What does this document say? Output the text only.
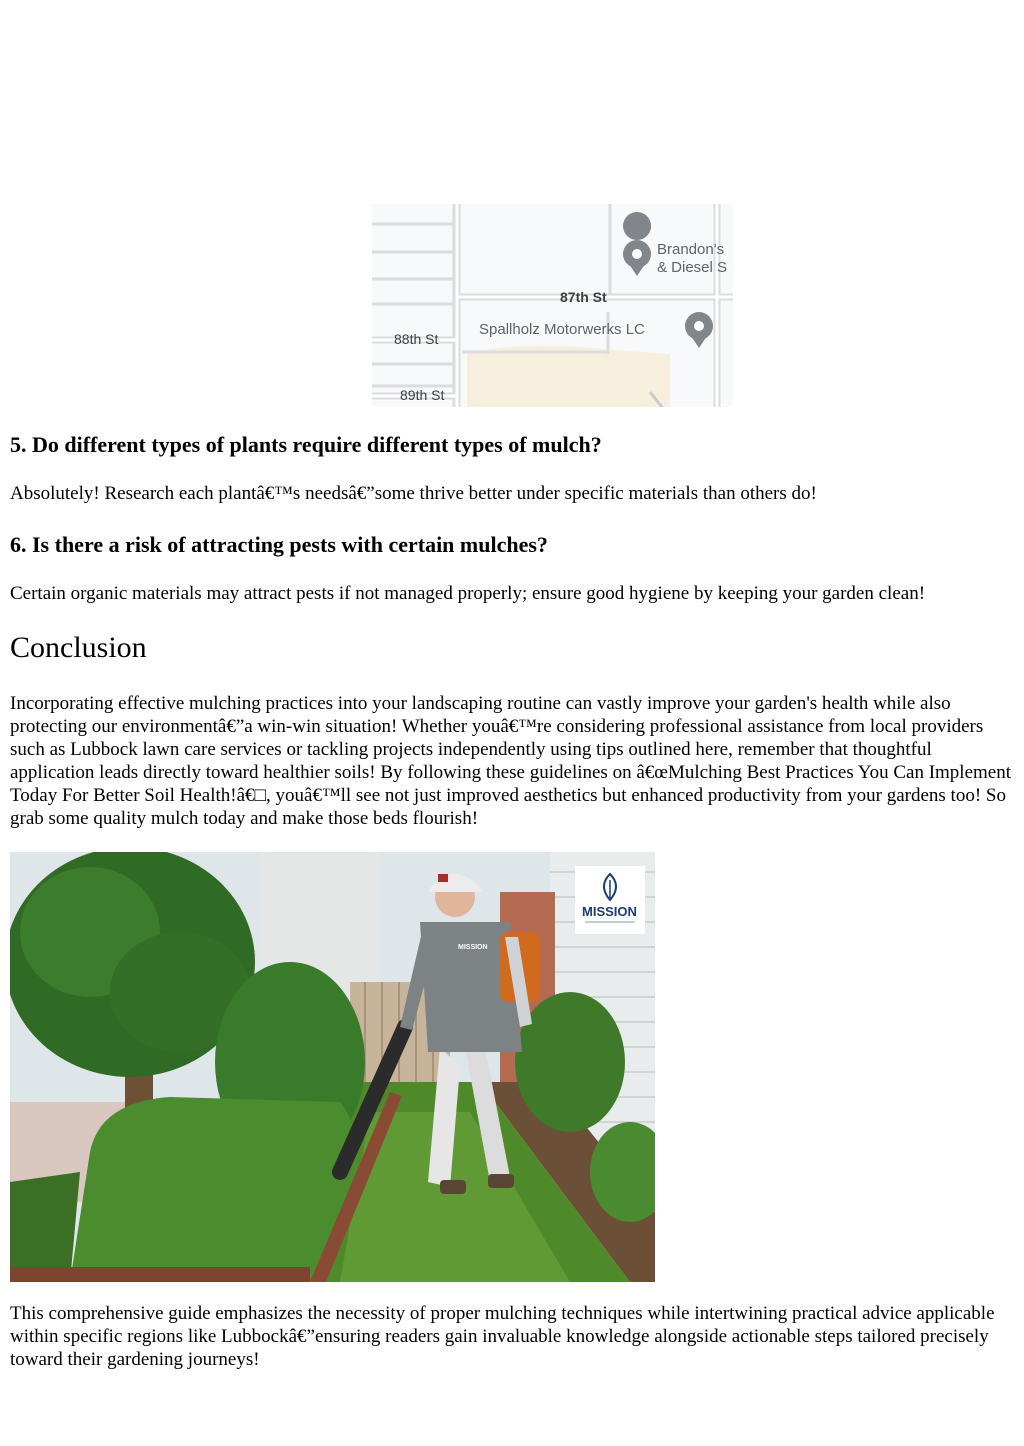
Brandon's
& Diesel S
Spallholz Motorwerks LC
87th St
88th St
89th St
5. Do different types of plants require different types of mulch?

Absolutely! Research each plantâ€™s needsâ€”some thrive better under specific materials than others do!

6. Is there a risk of attracting pests with certain mulches?

Certain organic materials may attract pests if not managed properly; ensure good hygiene by keeping your garden clean!

Conclusion

Incorporating effective mulching practices into your landscaping routine can vastly improve your garden's health while also protecting our environmentâ€”a win-win situation! Whether youâ€™re considering professional assistance from local providers such as Lubbock lawn care services or tackling projects independently using tips outlined here, remember that thoughtful application leads directly toward healthier soils! By following these guidelines on â€œMulching Best Practices You Can Implement Today For Better Soil Health!â€□, youâ€™ll see not just improved aesthetics but enhanced productivity from your gardens too! So grab some quality mulch today and make those beds flourish!

MISSION
MISSION

This comprehensive guide emphasizes the necessity of proper mulching techniques while intertwining practical advice applicable within specific regions like Lubbockâ€”ensuring readers gain invaluable knowledge alongside actionable steps tailored precisely toward their gardening journeys!
